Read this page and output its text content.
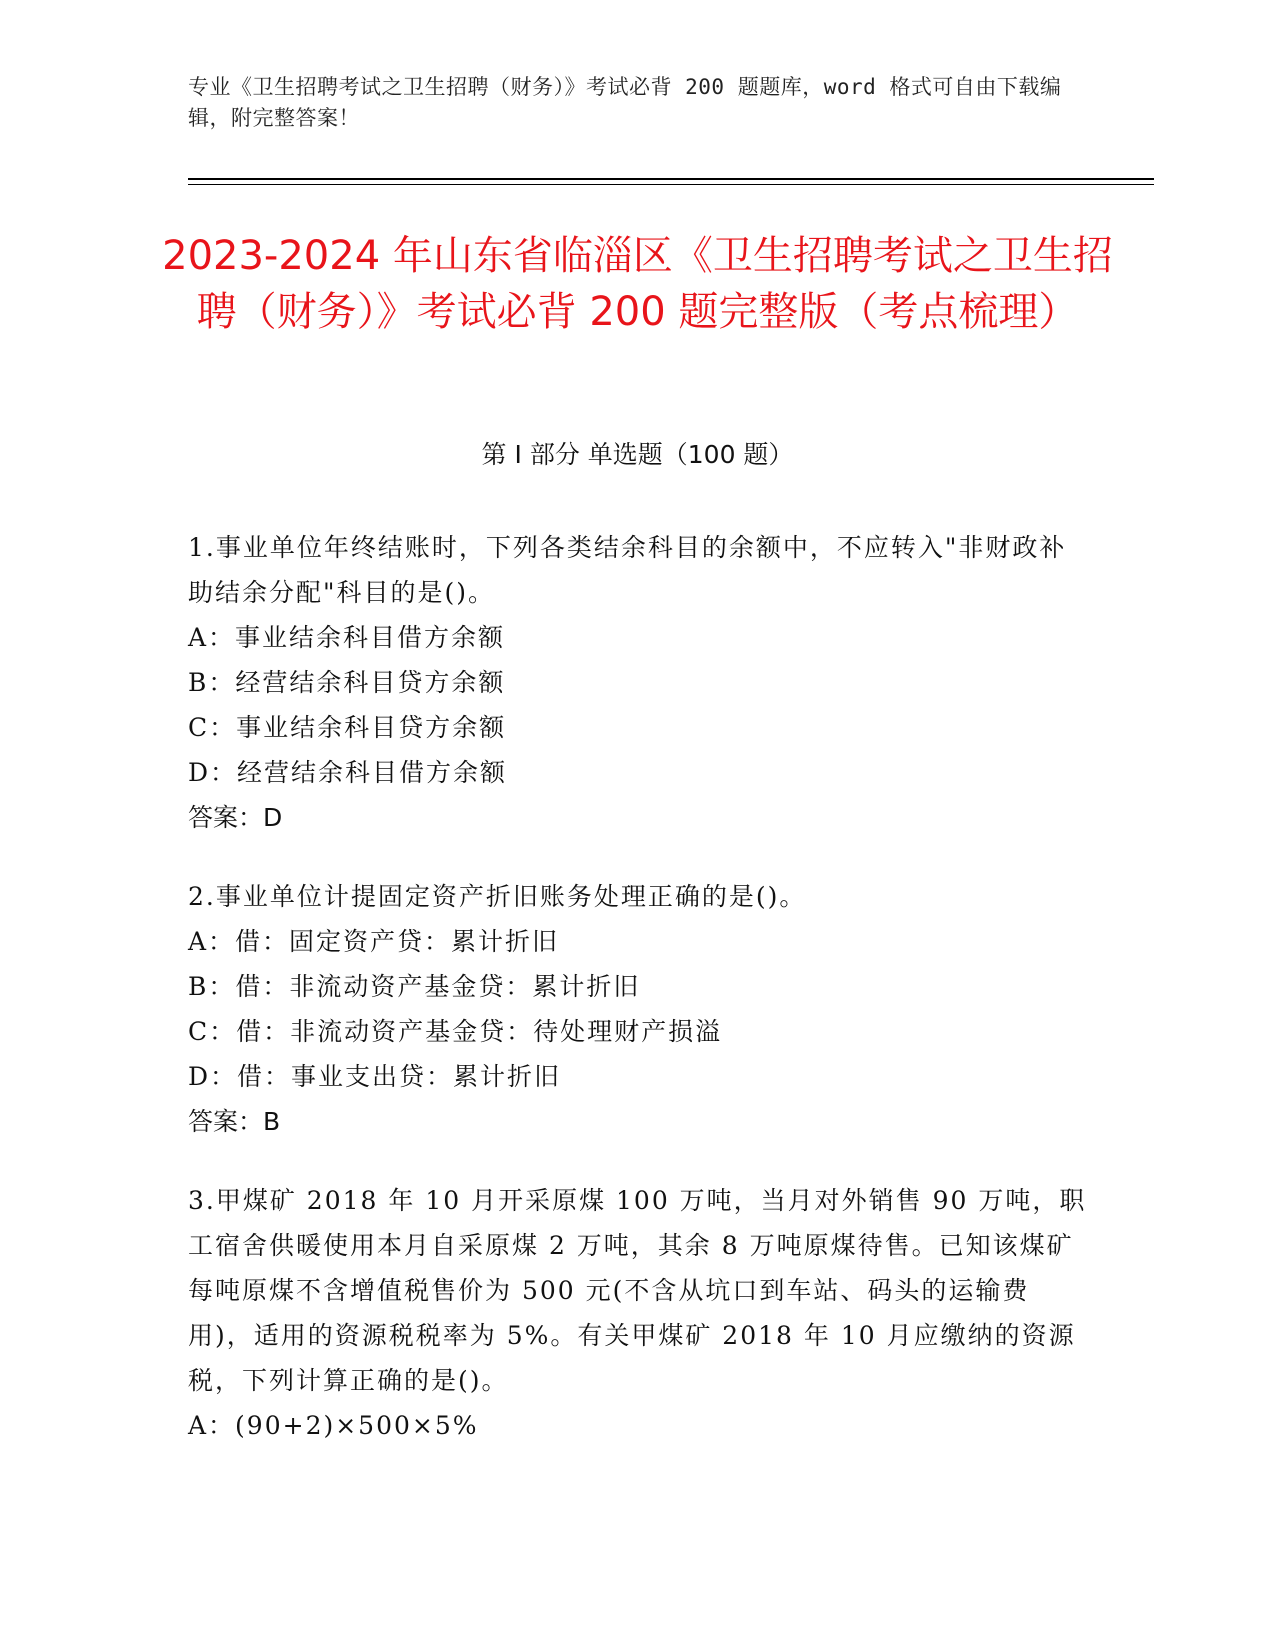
专业《卫生招聘考试之卫生招聘（财务）》考试必背 200 题题库，word 格式可自由下载编辑，附完整答案！
2023-2024 年山东省临淄区《卫生招聘考试之卫生招聘（财务）》考试必背 200 题完整版（考点梳理）
第 I 部分 单选题（100 题）
1.事业单位年终结账时，下列各类结余科目的余额中，不应转入"非财政补助结余分配"科目的是()。
A：事业结余科目借方余额
B：经营结余科目贷方余额
C：事业结余科目贷方余额
D：经营结余科目借方余额
答案：D
2.事业单位计提固定资产折旧账务处理正确的是()。
A：借：固定资产贷：累计折旧
B：借：非流动资产基金贷：累计折旧
C：借：非流动资产基金贷：待处理财产损溢
D：借：事业支出贷：累计折旧
答案：B
3.甲煤矿 2018 年 10 月开采原煤 100 万吨，当月对外销售 90 万吨，职工宿舍供暖使用本月自采原煤 2 万吨，其余 8 万吨原煤待售。已知该煤矿每吨原煤不含增值税售价为 500 元(不含从坑口到车站、码头的运输费用)，适用的资源税税率为 5%。有关甲煤矿 2018 年 10 月应缴纳的资源税，下列计算正确的是()。
A：(90+2)×500×5%
